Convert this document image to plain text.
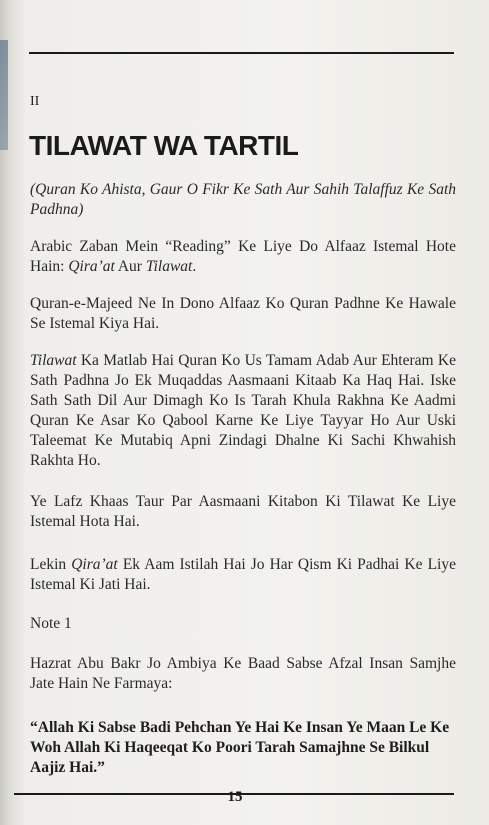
II
TILAWAT WA TARTIL

(Quran Ko Ahista, Gaur O Fikr Ke Sath Aur Sahih Talaffuz Ke Sath Padhna)

Arabic Zaban Mein “Reading” Ke Liye Do Alfaaz Istemal Hote Hain: Qira’at Aur Tilawat.

Quran-e-Majeed Ne In Dono Alfaaz Ko Quran Padhne Ke Hawale Se Istemal Kiya Hai.

Tilawat Ka Matlab Hai Quran Ko Us Tamam Adab Aur Ehteram Ke Sath Padhna Jo Ek Muqaddas Aasmaani Kitaab Ka Haq Hai. Iske Sath Sath Dil Aur Dimagh Ko Is Tarah Khula Rakhna Ke Aadmi Quran Ke Asar Ko Qabool Karne Ke Liye Tayyar Ho Aur Uski Taleemat Ke Mutabiq Apni Zindagi Dhalne Ki Sachi Khwahish Rakhta Ho.

Ye Lafz Khaas Taur Par Aasmaani Kitabon Ki Tilawat Ke Liye Istemal Hota Hai.

Lekin Qira’at Ek Aam Istilah Hai Jo Har Qism Ki Padhai Ke Liye Istemal Ki Jati Hai.

Note 1

Hazrat Abu Bakr Jo Ambiya Ke Baad Sabse Afzal Insan Samjhe Jate Hain Ne Farmaya:

“Allah Ki Sabse Badi Pehchan Ye Hai Ke Insan Ye Maan Le Ke Woh Allah Ki Haqeeqat Ko Poori Tarah Samajhne Se Bilkul Aajiz Hai.”

15
